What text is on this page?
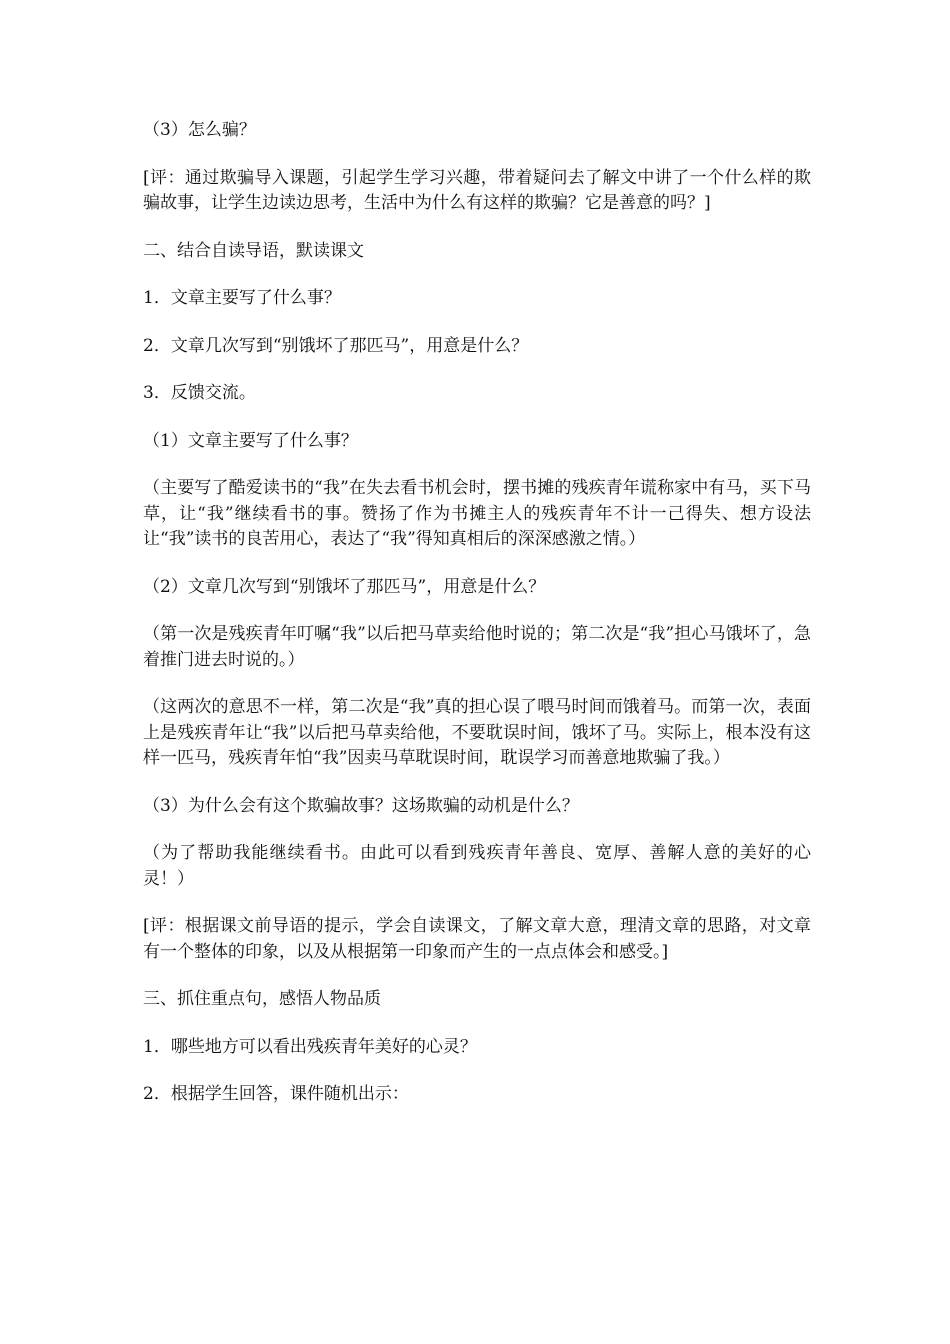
（3）怎么骗？

[评：通过欺骗导入课题，引起学生学习兴趣，带着疑问去了解文中讲了一个什么样的欺骗故事，让学生边读边思考，生活中为什么有这样的欺骗？它是善意的吗？]

二、结合自读导语，默读课文

1．文章主要写了什么事？

2．文章几次写到“别饿坏了那匹马”，用意是什么？

3．反馈交流。

（1）文章主要写了什么事？

（主要写了酷爱读书的“我”在失去看书机会时，摆书摊的残疾青年谎称家中有马，买下马草，让“我”继续看书的事。赞扬了作为书摊主人的残疾青年不计一己得失、想方设法让“我”读书的良苦用心，表达了“我”得知真相后的深深感激之情。）

（2）文章几次写到“别饿坏了那匹马”，用意是什么？

（第一次是残疾青年叮嘱“我”以后把马草卖给他时说的；第二次是“我”担心马饿坏了，急着推门进去时说的。）

（这两次的意思不一样，第二次是“我”真的担心误了喂马时间而饿着马。而第一次，表面上是残疾青年让“我”以后把马草卖给他，不要耽误时间，饿坏了马。实际上，根本没有这样一匹马，残疾青年怕“我”因卖马草耽误时间，耽误学习而善意地欺骗了我。）

（3）为什么会有这个欺骗故事？这场欺骗的动机是什么？

（为了帮助我能继续看书。由此可以看到残疾青年善良、宽厚、善解人意的美好的心灵！）

[评：根据课文前导语的提示，学会自读课文，了解文章大意，理清文章的思路，对文章有一个整体的印象，以及从根据第一印象而产生的一点点体会和感受。]

三、抓住重点句，感悟人物品质

1．哪些地方可以看出残疾青年美好的心灵？

2．根据学生回答，课件随机出示：
